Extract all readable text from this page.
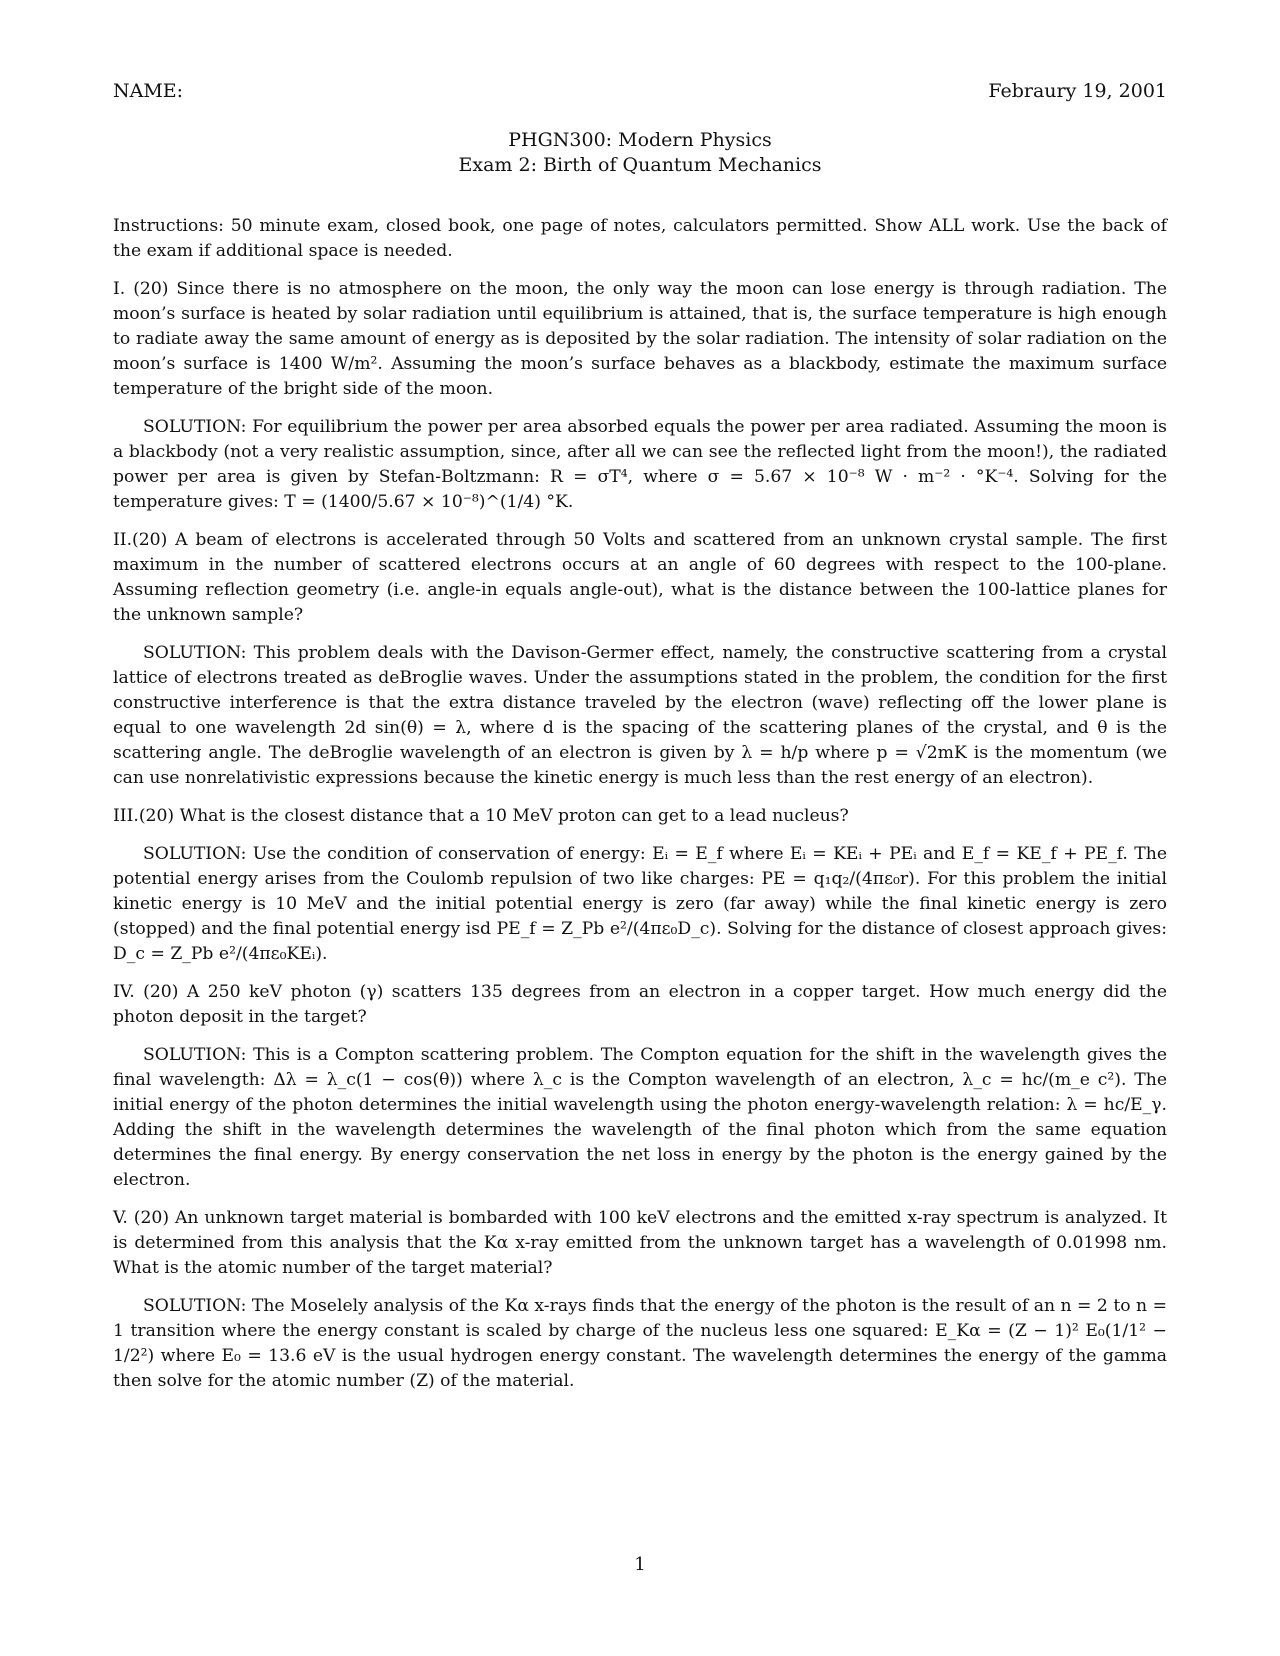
NAME:	Febraury 19, 2001
PHGN300: Modern Physics
Exam 2: Birth of Quantum Mechanics

Instructions: 50 minute exam, closed book, one page of notes, calculators permitted. Show ALL work. Use the back of the exam if additional space is needed.

I. (20) Since there is no atmosphere on the moon, the only way the moon can lose energy is through radiation. The moon’s surface is heated by solar radiation until equilibrium is attained, that is, the surface temperature is high enough to radiate away the same amount of energy as is deposited by the solar radiation. The intensity of solar radiation on the moon’s surface is 1400 W/m². Assuming the moon’s surface behaves as a blackbody, estimate the maximum surface temperature of the bright side of the moon.

SOLUTION: For equilibrium the power per area absorbed equals the power per area radiated. Assuming the moon is a blackbody (not a very realistic assumption, since, after all we can see the reflected light from the moon!), the radiated power per area is given by Stefan-Boltzmann: R = σT⁴, where σ = 5.67 × 10⁻⁸ W · m⁻² · °K⁻⁴. Solving for the temperature gives: T = (1400/5.67 × 10⁻⁸)^(1/4) °K.

II.(20) A beam of electrons is accelerated through 50 Volts and scattered from an unknown crystal sample. The first maximum in the number of scattered electrons occurs at an angle of 60 degrees with respect to the 100-plane. Assuming reflection geometry (i.e. angle-in equals angle-out), what is the distance between the 100-lattice planes for the unknown sample?

SOLUTION: This problem deals with the Davison-Germer effect, namely, the constructive scattering from a crystal lattice of electrons treated as deBroglie waves. Under the assumptions stated in the problem, the condition for the first constructive interference is that the extra distance traveled by the electron (wave) reflecting off the lower plane is equal to one wavelength 2d sin(θ) = λ, where d is the spacing of the scattering planes of the crystal, and θ is the scattering angle. The deBroglie wavelength of an electron is given by λ = h/p where p = √2mK is the momentum (we can use nonrelativistic expressions because the kinetic energy is much less than the rest energy of an electron).

III.(20) What is the closest distance that a 10 MeV proton can get to a lead nucleus?

SOLUTION: Use the condition of conservation of energy: Eᵢ = E_f where Eᵢ = KEᵢ + PEᵢ and E_f = KE_f + PE_f. The potential energy arises from the Coulomb repulsion of two like charges: PE = q₁q₂/(4πε₀r). For this problem the initial kinetic energy is 10 MeV and the initial potential energy is zero (far away) while the final kinetic energy is zero (stopped) and the final potential energy isd PE_f = Z_Pb e²/(4πε₀D_c). Solving for the distance of closest approach gives: D_c = Z_Pb e²/(4πε₀KEᵢ).

IV. (20) A 250 keV photon (γ) scatters 135 degrees from an electron in a copper target. How much energy did the photon deposit in the target?

SOLUTION: This is a Compton scattering problem. The Compton equation for the shift in the wavelength gives the final wavelength: Δλ = λ_c(1 − cos(θ)) where λ_c is the Compton wavelength of an electron, λ_c = hc/(m_e c²). The initial energy of the photon determines the initial wavelength using the photon energy-wavelength relation: λ = hc/E_γ. Adding the shift in the wavelength determines the wavelength of the final photon which from the same equation determines the final energy. By energy conservation the net loss in energy by the photon is the energy gained by the electron.

V. (20) An unknown target material is bombarded with 100 keV electrons and the emitted x-ray spectrum is analyzed. It is determined from this analysis that the Kα x-ray emitted from the unknown target has a wavelength of 0.01998 nm. What is the atomic number of the target material?

SOLUTION: The Moselely analysis of the Kα x-rays finds that the energy of the photon is the result of an n = 2 to n = 1 transition where the energy constant is scaled by charge of the nucleus less one squared: E_Kα = (Z − 1)² E₀(1/1² − 1/2²) where E₀ = 13.6 eV is the usual hydrogen energy constant. The wavelength determines the energy of the gamma then solve for the atomic number (Z) of the material.

1
